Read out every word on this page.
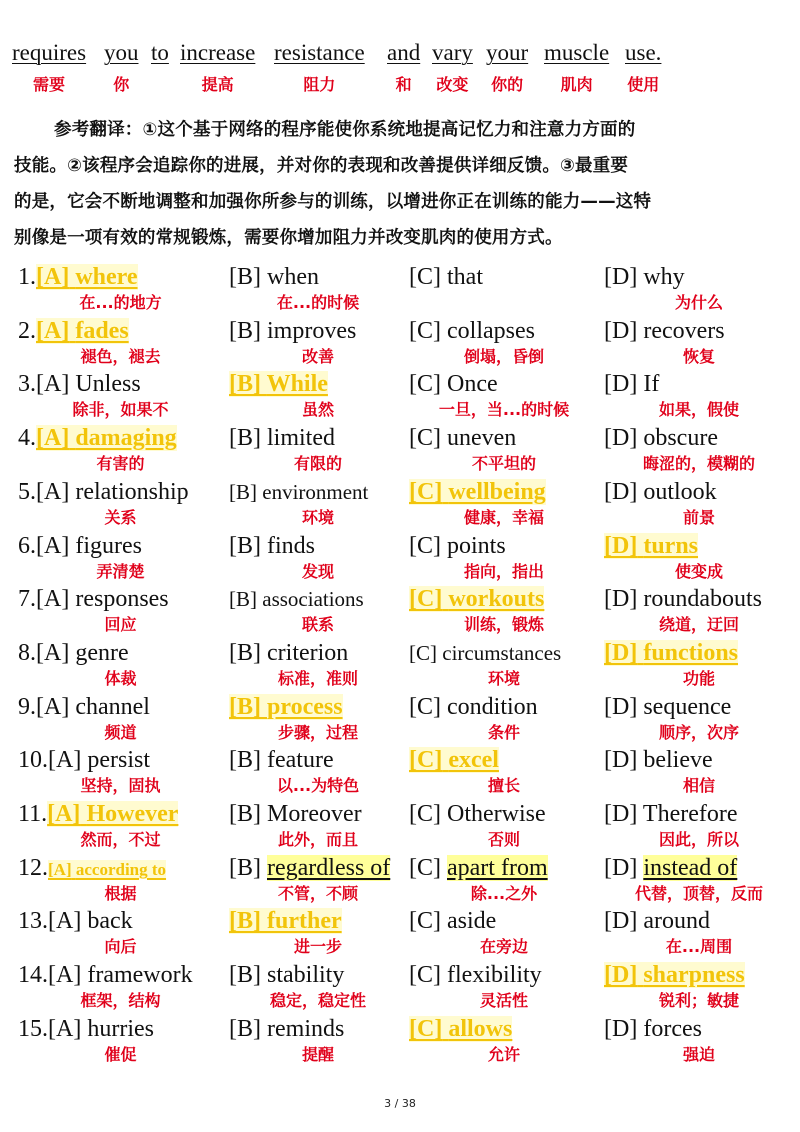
requires
需要
you
你
to increase
提高
resistance
阻力
and
和
vary
改变
your
你的
muscle
肌肉
use.
使用
参考翻译：①这个基于网络的程序能使你系统地提高记忆力和注意力方面的
技能。②该程序会追踪你的进展，并对你的表现和改善提供详细反馈。③最重要
的是，它会不断地调整和加强你所参与的训练，以增进你正在训练的能力——这特
别像是一项有效的常规锻炼，需要你增加阻力并改变肌肉的使用方式。
1.[A] where
在...的地方
[B] when
在...的时候
[C] that	[D] why
为什么
2.[A] fades
褪色，褪去
[B] improves
改善
[C] collapses
倒塌，昏倒
[D] recovers
恢复
3.[A] Unless
除非，如果不
[B] While
虽然
[C] Once
一旦，当...的时候
[D] If
如果，假使
4.[A] damaging
有害的
[B] limited
有限的
[C] uneven
不平坦的
[D] obscure
晦涩的，模糊的
5.[A] relationship
关系
[B] environment
环境
[C] wellbeing
健康，幸福
[D] outlook
前景
6.[A] figures
弄清楚
[B] finds
发现
[C] points
指向，指出
[D] turns
使变成
7.[A] responses
回应
[B] associations
联系
[C] workouts
训练，锻炼
[D] roundabouts
绕道，迂回
8.[A] genre
体裁
[B] criterion
标准，准则
[C] circumstances
环境
[D] functions
功能
9.[A] channel
频道
[B] process
步骤，过程
[C] condition
条件
[D] sequence
顺序，次序
10.[A] persist
坚持，固执
[B] feature
以...为特色
[C] excel
擅长
[D] believe
相信
11.[A] However
然而，不过
[B] Moreover
此外，而且
[C] Otherwise
否则
[D] Therefore
因此，所以
12.[A] according to
根据
[B] regardless of
不管，不顾
[C] apart from
除...之外
[D] instead of
代替，顶替，反而
13.[A] back
向后
[B] further
进一步
[C] aside
在旁边
[D] around
在...周围
14.[A] framework
框架，结构
[B] stability
稳定，稳定性
[C] flexibility
灵活性
[D] sharpness
锐利；敏捷
15.[A] hurries
催促
[B] reminds
提醒
[C] allows
允许
[D] forces
强迫
3 / 38
